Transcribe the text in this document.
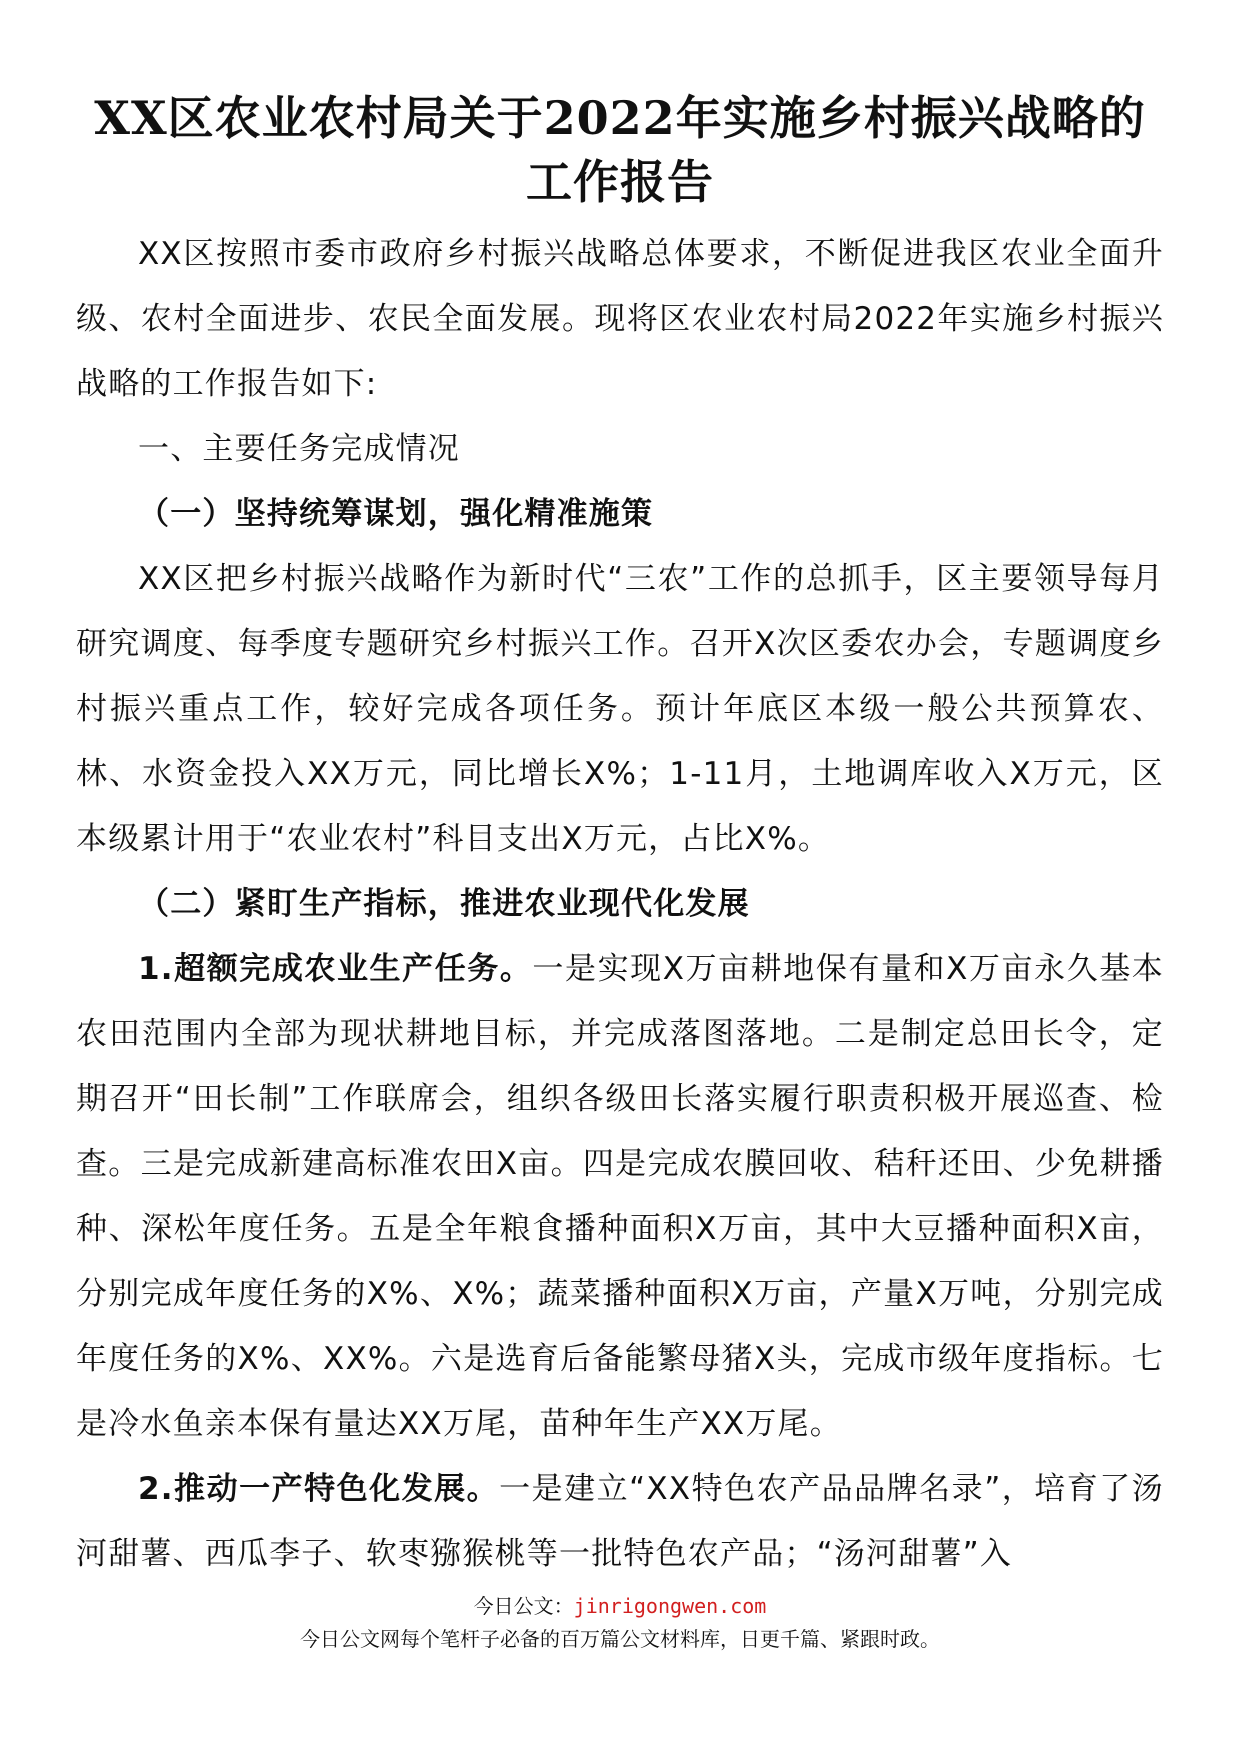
XX区农业农村局关于2022年实施乡村振兴战略的工作报告

XX区按照市委市政府乡村振兴战略总体要求，不断促进我区农业全面升级、农村全面进步、农民全面发展。现将区农业农村局2022年实施乡村振兴战略的工作报告如下:

一、主要任务完成情况

（一）坚持统筹谋划，强化精准施策

XX区把乡村振兴战略作为新时代“三农”工作的总抓手，区主要领导每月研究调度、每季度专题研究乡村振兴工作。召开X次区委农办会，专题调度乡村振兴重点工作，较好完成各项任务。预计年底区本级一般公共预算农、林、水资金投入XX万元，同比增长X%；1-11月，土地调库收入X万元，区本级累计用于“农业农村”科目支出X万元，占比X%。

（二）紧盯生产指标，推进农业现代化发展

1.超额完成农业生产任务。一是实现X万亩耕地保有量和X万亩永久基本农田范围内全部为现状耕地目标，并完成落图落地。二是制定总田长令，定期召开“田长制”工作联席会，组织各级田长落实履行职责积极开展巡查、检查。三是完成新建高标准农田X亩。四是完成农膜回收、秸秆还田、少免耕播种、深松年度任务。五是全年粮食播种面积X万亩，其中大豆播种面积X亩，分别完成年度任务的X%、X%；蔬菜播种面积X万亩，产量X万吨，分别完成年度任务的X%、XX%。六是选育后备能繁母猪X头，完成市级年度指标。七是冷水鱼亲本保有量达XX万尾，苗种年生产XX万尾。

2.推动一产特色化发展。一是建立“XX特色农产品品牌名录”，培育了汤河甜薯、西瓜李子、软枣猕猴桃等一批特色农产品；“汤河甜薯”入

今日公文：jinrigongwen.com
今日公文网每个笔杆子必备的百万篇公文材料库，日更千篇、紧跟时政。
